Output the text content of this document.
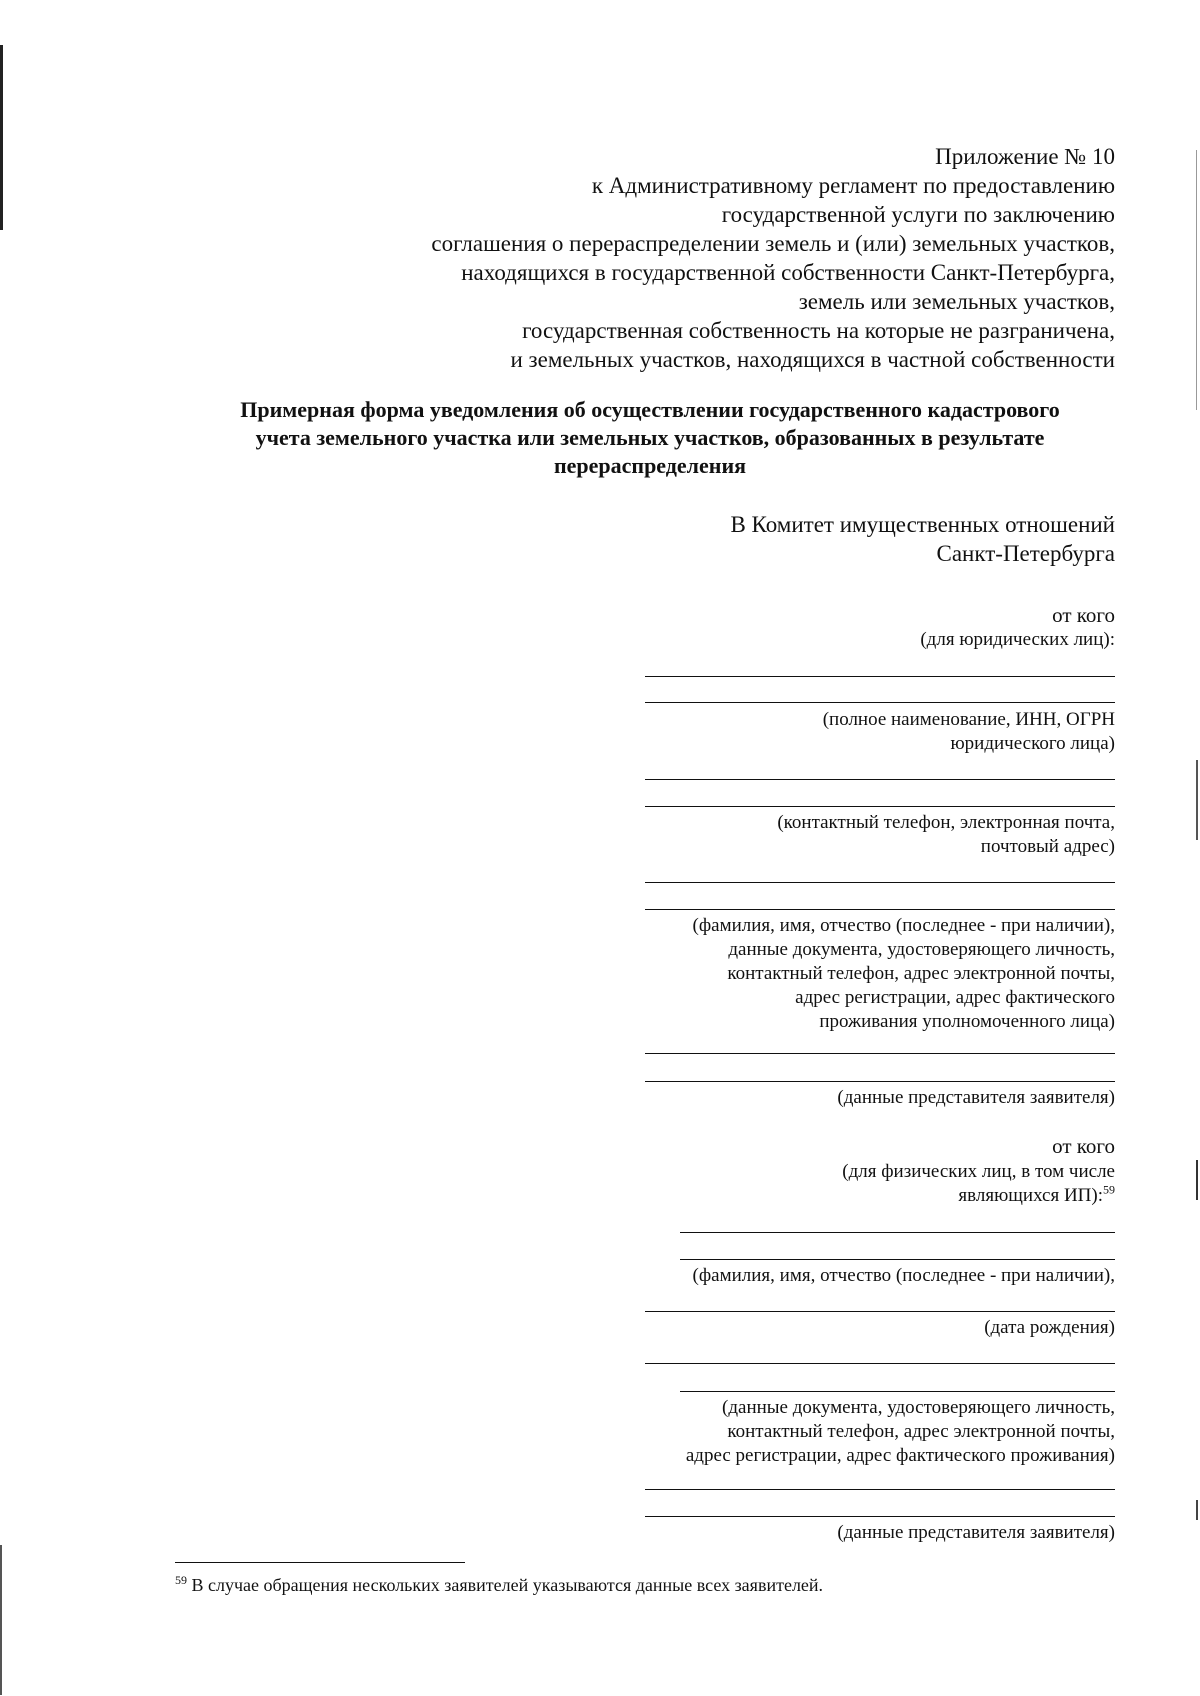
Приложение № 10
к Административному регламент по предоставлению
государственной услуги по заключению
соглашения о перераспределении земель и (или) земельных участков,
находящихся в государственной собственности Санкт-Петербурга,
земель или земельных участков,
государственная собственность на которые не разграничена,
и земельных участков, находящихся в частной собственности
Примерная форма уведомления об осуществлении государственного кадастрового
учета земельного участка или земельных участков, образованных в результате
перераспределения
В Комитет имущественных отношений
Санкт-Петербурга
от кого
(для юридических лиц):
(полное наименование, ИНН, ОГРН
юридического лица)
(контактный телефон, электронная почта,
почтовый адрес)
(фамилия, имя, отчество (последнее - при наличии),
данные документа, удостоверяющего личность,
контактный телефон, адрес электронной почты,
адрес регистрации, адрес фактического
проживания уполномоченного лица)
(данные представителя заявителя)
от кого
(для физических лиц, в том числе
являющихся ИП):$^{59}$
(фамилия, имя, отчество (последнее - при наличии),
(дата рождения)
(данные документа, удостоверяющего личность,
контактный телефон, адрес электронной почты,
адрес регистрации, адрес фактического проживания)
(данные представителя заявителя)
$^{59}$ В случае обращения нескольких заявителей указываются данные всех заявителей.
